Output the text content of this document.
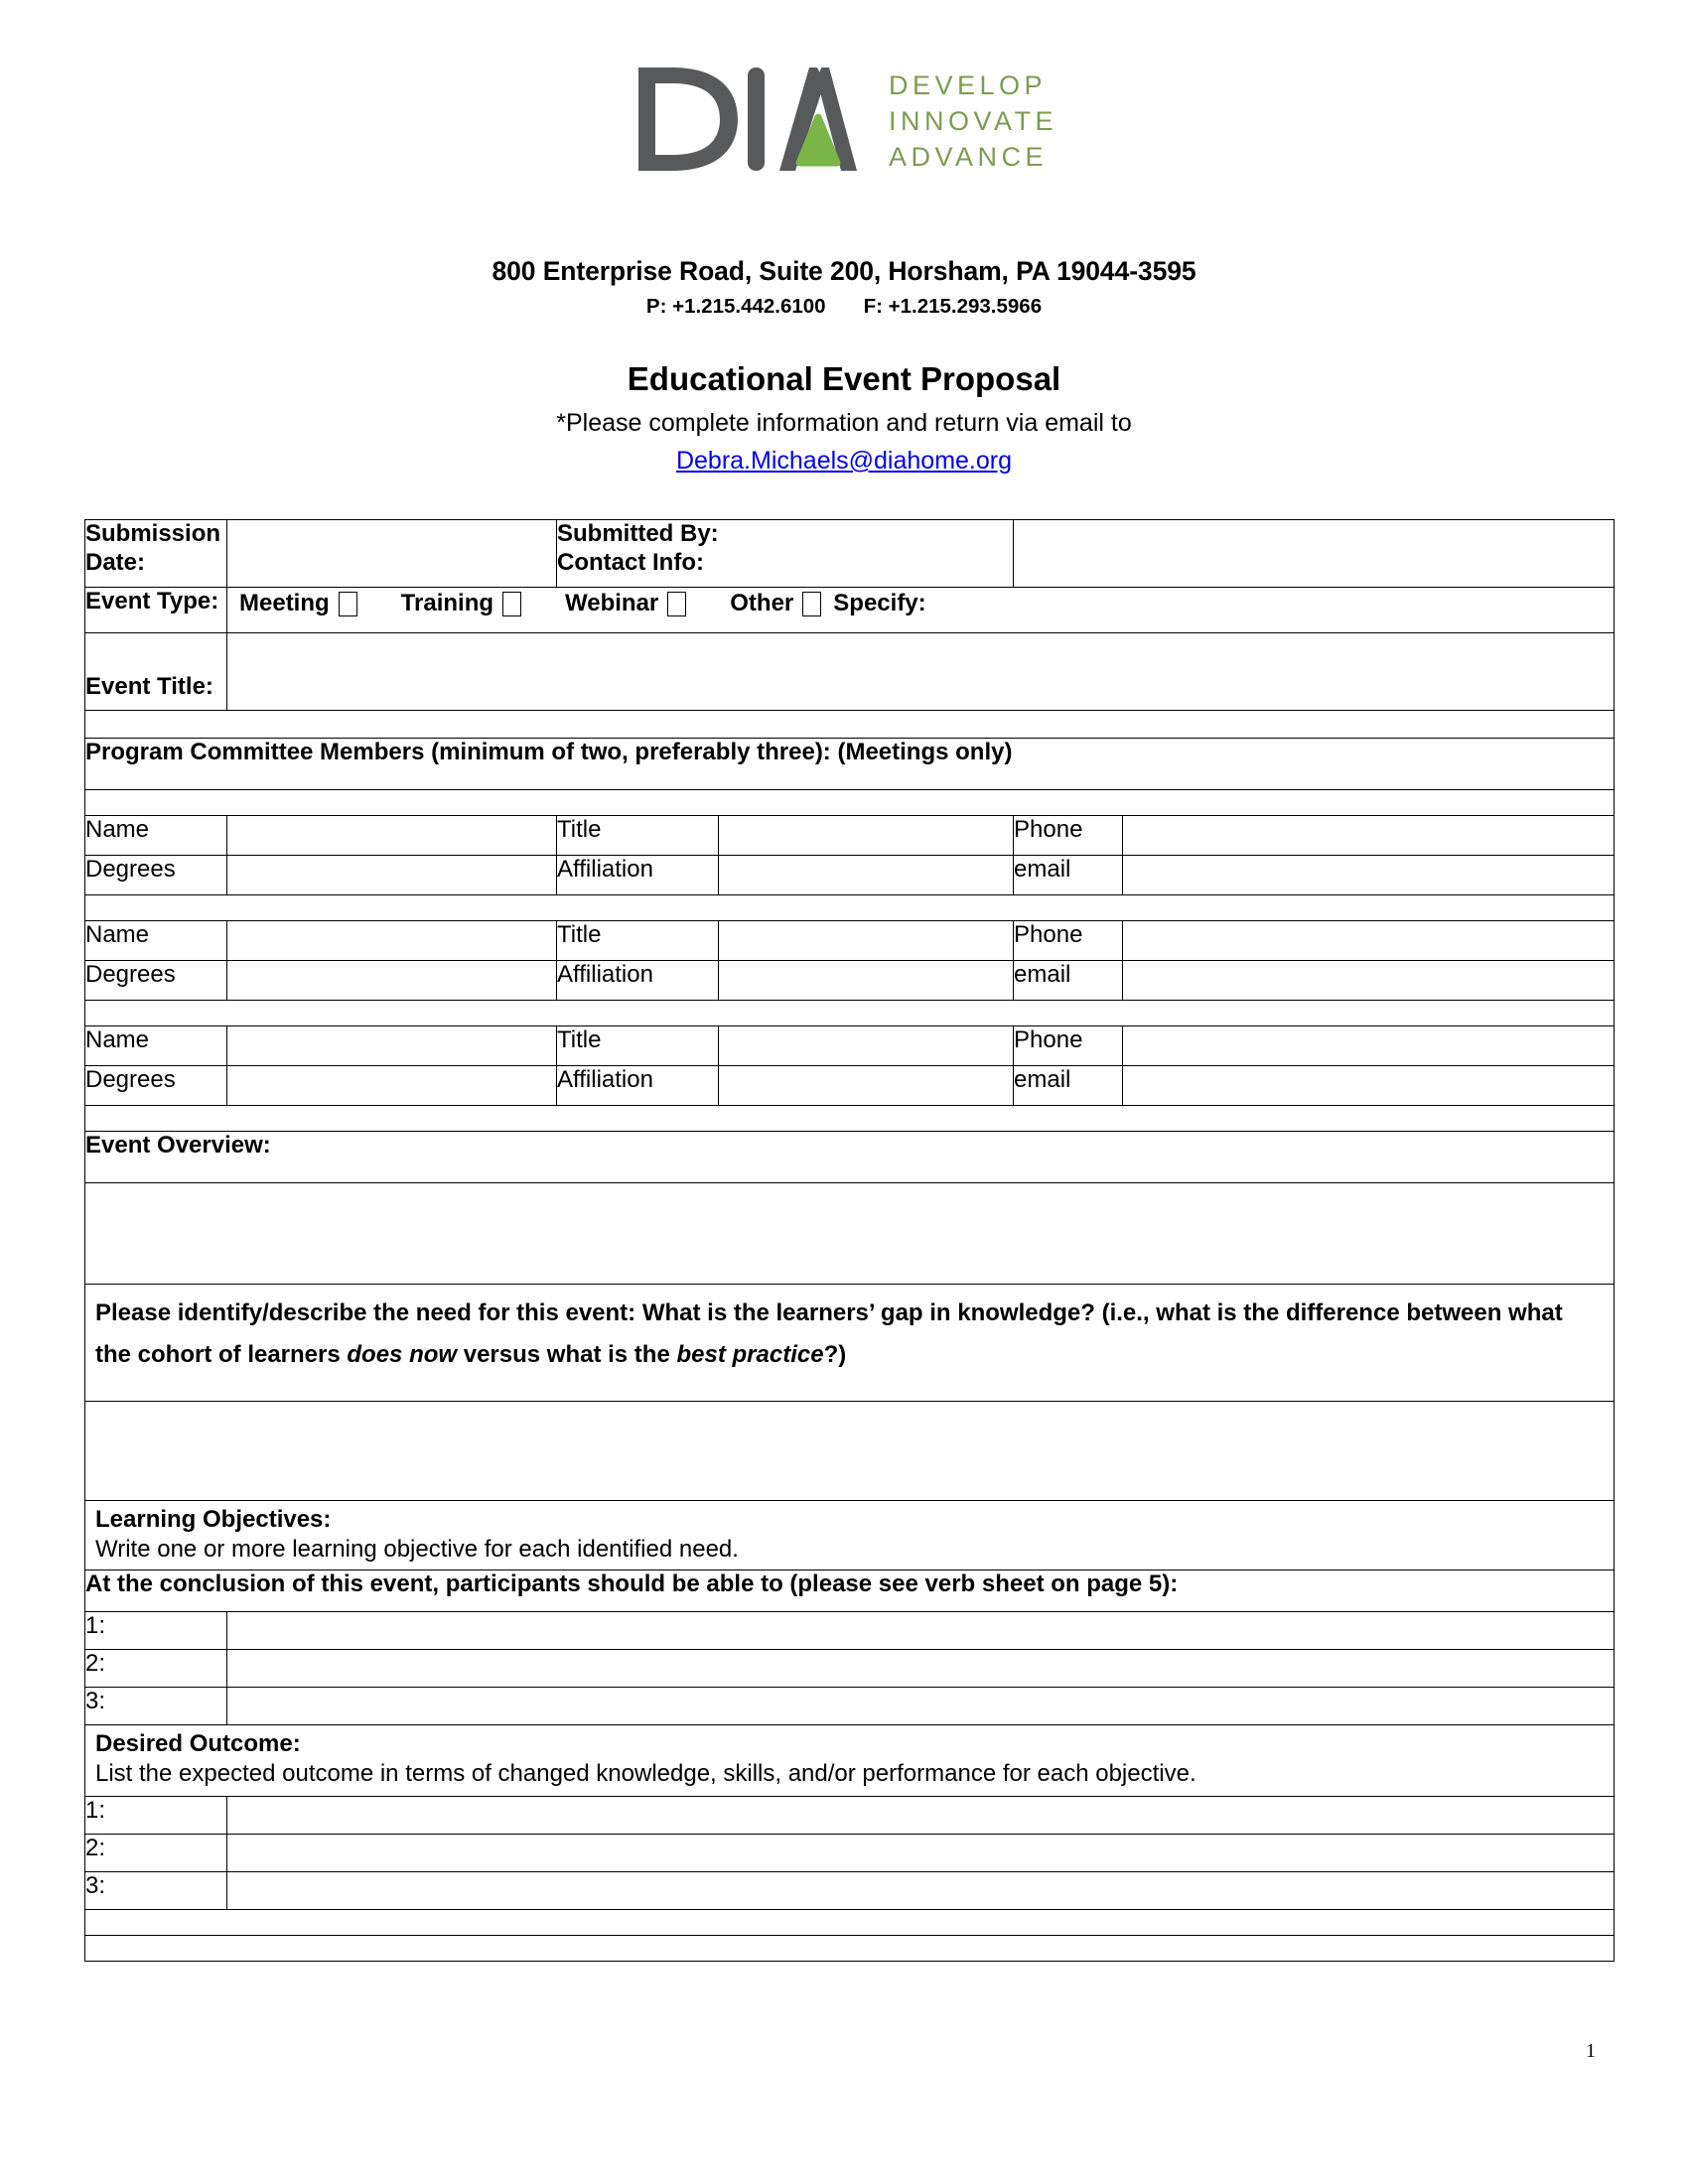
DEVELOP
INNOVATE
ADVANCE
800 Enterprise Road, Suite 200, Horsham, PA 19044-3595
P: +1.215.442.6100 F: +1.215.293.5966
Educational Event Proposal
*Please complete information and return via email to
Debra.Michaels@diahome.org
Submission Date:		Submitted By:
Contact Info:			

Event Type:	Meeting Training Webinar Other Specify:				

Event Title:					

Program Committee Members (minimum of two, preferably three): (Meetings only)					

Name		Title		Phone	
Degrees		Affiliation		email	

Name		Title		Phone	
Degrees		Affiliation		email	

Name		Title		Phone	
Degrees		Affiliation		email	

Event Overview:					

Please identify/describe the need for this event: What is the learners’ gap in knowledge? (i.e., what is the difference between what the cohort of learners does now versus what is the best practice?)					

Learning Objectives:
Write one or more learning objective for each identified need.					

At the conclusion of this event, participants should be able to (please see verb sheet on page 5):					
1:					
2:					
3:					

Desired Outcome:
List the expected outcome in terms of changed knowledge, skills, and/or performance for each objective.					

1:					
2:					
3:					

1
